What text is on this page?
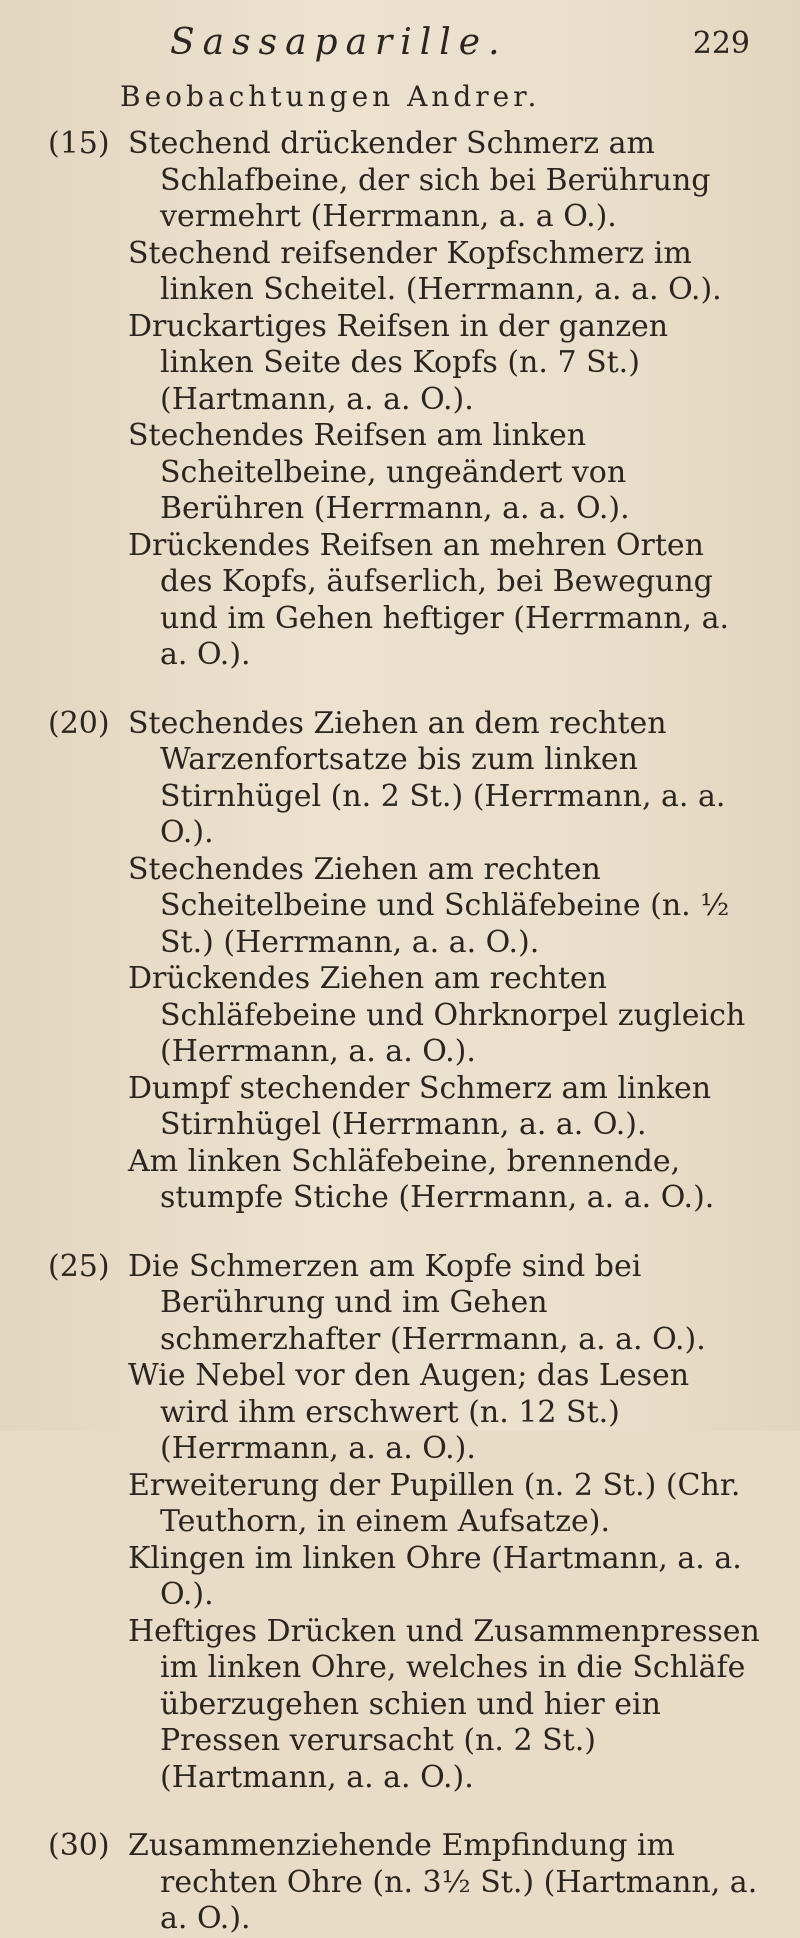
Sassaparille.	229
Beobachtungen Andrer.
(15) Stechend drückender Schmerz am Schlafbeine, der sich bei Berührung vermehrt (Herrmann, a. a O.).
Stechend reifsender Kopfschmerz im linken Scheitel. (Herrmann, a. a. O.).
Druckartiges Reifsen in der ganzen linken Seite des Kopfs (n. 7 St.) (Hartmann, a. a. O.).
Stechendes Reifsen am linken Scheitelbeine, ungeändert von Berühren (Herrmann, a. a. O.).
Drückendes Reifsen an mehren Orten des Kopfs, äufserlich, bei Bewegung und im Gehen heftiger (Herrmann, a. a. O.).
(20) Stechendes Ziehen an dem rechten Warzenfortsatze bis zum linken Stirnhügel (n. 2 St.) (Herrmann, a. a. O.).
Stechendes Ziehen am rechten Scheitelbeine und Schläfebeine (n. ½ St.) (Herrmann, a. a. O.).
Drückendes Ziehen am rechten Schläfebeine und Ohrknorpel zugleich (Herrmann, a. a. O.).
Dumpf stechender Schmerz am linken Stirnhügel (Herrmann, a. a. O.).
Am linken Schläfebeine, brennende, stumpfe Stiche (Herrmann, a. a. O.).
(25) Die Schmerzen am Kopfe sind bei Berührung und im Gehen schmerzhafter (Herrmann, a. a. O.).
Wie Nebel vor den Augen; das Lesen wird ihm erschwert (n. 12 St.) (Herrmann, a. a. O.).
Erweiterung der Pupillen (n. 2 St.) (Chr. Teuthorn, in einem Aufsatze).
Klingen im linken Ohre (Hartmann, a. a. O.).
Heftiges Drücken und Zusammenpressen im linken Ohre, welches in die Schläfe überzugehen schien und hier ein Pressen verursacht (n. 2 St.) (Hartmann, a. a. O.).
(30) Zusammenziehende Empfindung im rechten Ohre (n. 3½ St.) (Hartmann, a. a. O.).
